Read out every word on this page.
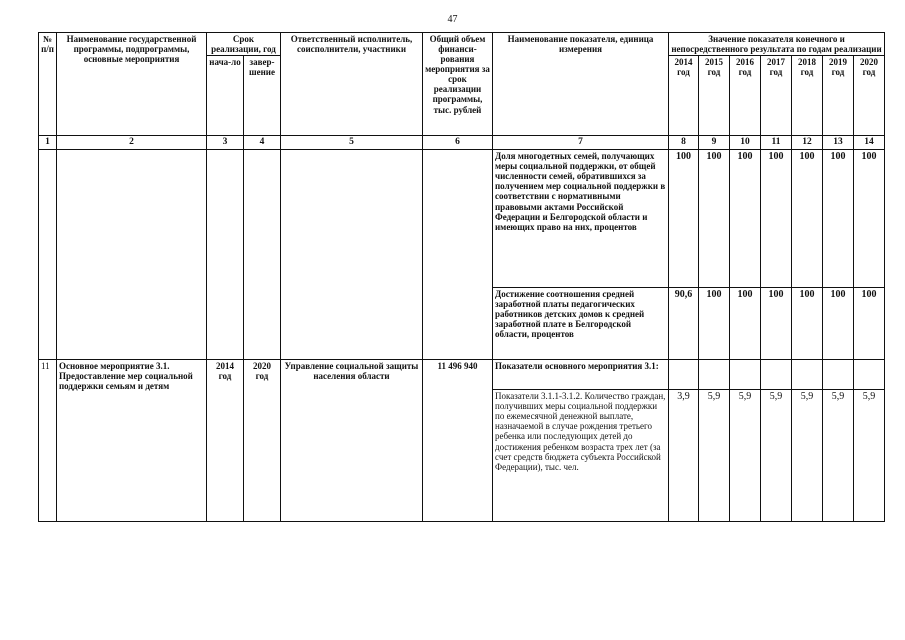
47
№ п/п	Наименование государственной программы, подпрограммы, основные мероприятия	Срок реализации, год		Ответственный исполнитель, соисполнители, участники	Общий объем финанси-рования мероприятия за срок реализации программы, тыс. рублей	Наименование показателя, единица измерения	Значение показателя конечного и непосредственного результата по годам реализации						
		нача-ло	завер-шение				2014 год	2015 год	2016 год	2017 год	2018 год	2019 год	2020 год
1	2	3	4	5	6	7	8	9	10	11	12	13	14
						Доля многодетных семей, получающих меры социальной поддержки, от общей численности семей, обратившихся за получением мер социальной поддержки в соответствии с нормативными правовыми актами Российской Федерации и Белгородской области и имеющих право на них, процентов	100	100	100	100	100	100	100
						Достижение соотношения средней заработной платы педагогических работников детских домов к средней заработной плате в Белгородской области, процентов	90,6	100	100	100	100	100	100
11	Основное мероприятие 3.1. Предоставление мер социальной поддержки семьям и детям	2014 год	2020 год	Управление социальной защиты населения области	11 496 940	Показатели основного мероприятия 3.1:							
						Показатели 3.1.1-3.1.2. Количество граждан, получивших меры социальной поддержки по ежемесячной денежной выплате, назначаемой в случае рождения третьего ребенка или последующих детей до достижения ребенком возраста трех лет (за счет средств бюджета субъекта Российской Федерации), тыс. чел.	3,9	5,9	5,9	5,9	5,9	5,9	5,9
